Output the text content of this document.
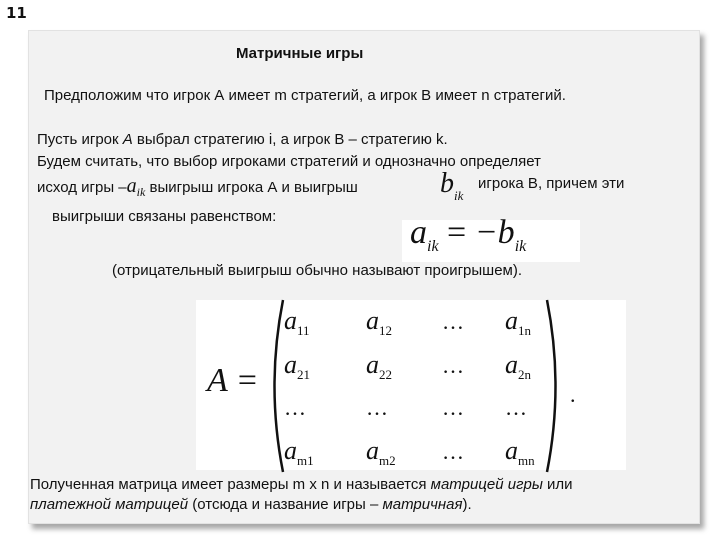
11
Матричные игры
Предположим что игрок А имеет m стратегий, а игрок В имеет n стратегий.
Пусть игрок A выбрал стратегию i, а игрок В – стратегию k.
Будем считать, что выбор игроками стратегий и однозначно определяет
исход игры $-a_{ik}$ выигрыш игрока А и выигрыш	$b_{ik}$
игрока В, причем эти
выигрыши связаны равенством:	$a_{ik} = -b_{ik}$
(отрицательный выигрыш обычно называют проигрышем).
A =
$a_{11}$ $a_{12}$ … $a_{1n}$
$a_{21}$ $a_{22}$ … $a_{2n}$
…	… … …
$a_{m1}$ $a_{m2}$ … $a_{mn}$
.
Полученная матрица имеет размеры m x n и называется матрицей игры или
платежной матрицей (отсюда и название игры – матричная).
